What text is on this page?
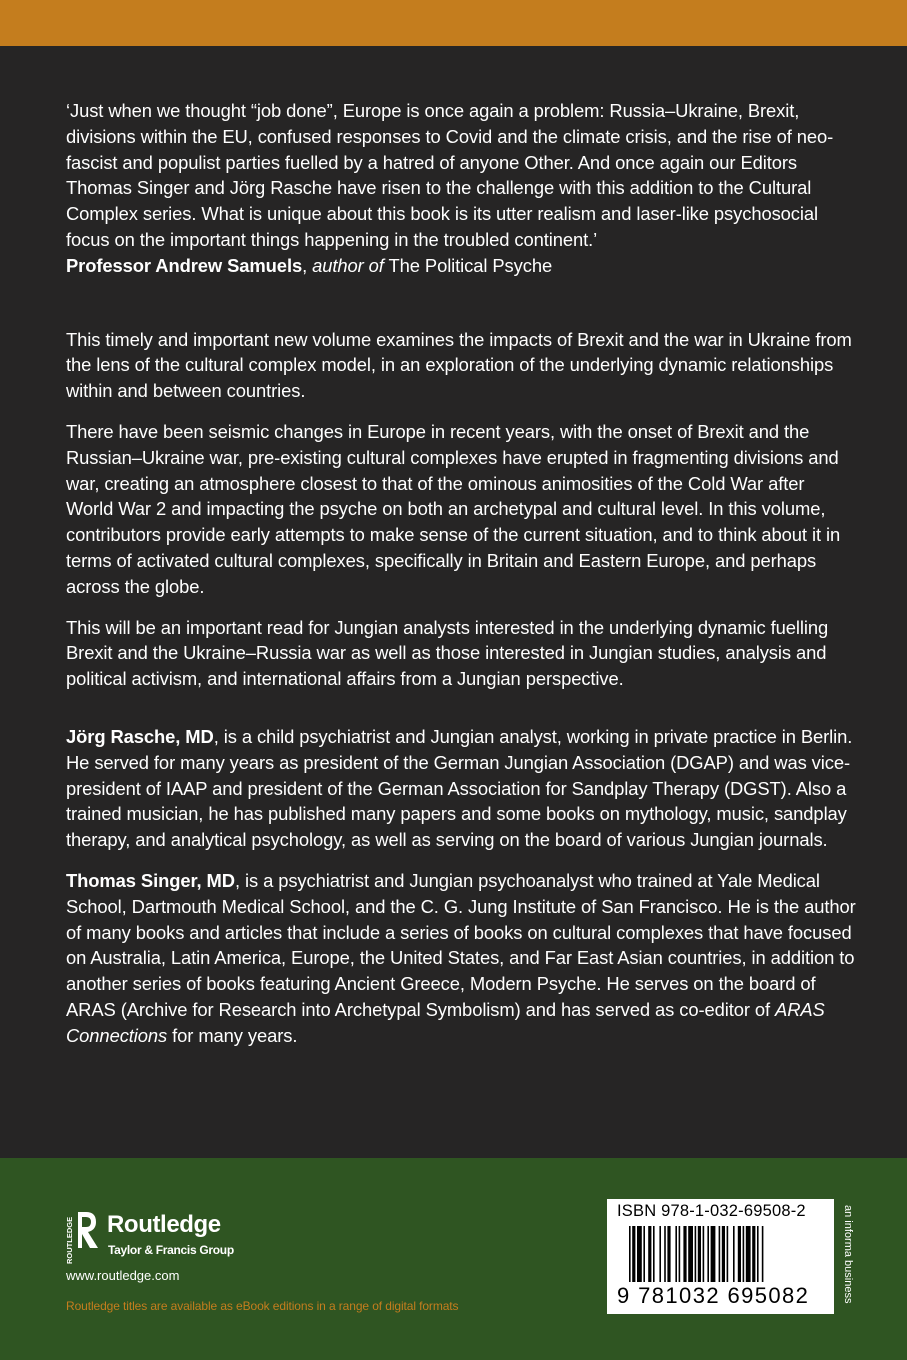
‘Just when we thought “job done”, Europe is once again a problem: Russia–Ukraine, Brexit, divisions within the EU, confused responses to Covid and the climate crisis, and the rise of neo-fascist and populist parties fuelled by a hatred of anyone Other. And once again our Editors Thomas Singer and Jörg Rasche have risen to the challenge with this addition to the Cultural Complex series. What is unique about this book is its utter realism and laser-like psychosocial focus on the important things happening in the troubled continent.’
Professor Andrew Samuels, author of The Political Psyche

This timely and important new volume examines the impacts of Brexit and the war in Ukraine from the lens of the cultural complex model, in an exploration of the underlying dynamic relationships within and between countries.

There have been seismic changes in Europe in recent years, with the onset of Brexit and the Russian–Ukraine war, pre-existing cultural complexes have erupted in fragmenting divisions and war, creating an atmosphere closest to that of the ominous animosities of the Cold War after World War 2 and impacting the psyche on both an archetypal and cultural level. In this volume, contributors provide early attempts to make sense of the current situation, and to think about it in terms of activated cultural complexes, specifically in Britain and Eastern Europe, and perhaps across the globe.

This will be an important read for Jungian analysts interested in the underlying dynamic fuelling Brexit and the Ukraine–Russia war as well as those interested in Jungian studies, analysis and political activism, and international affairs from a Jungian perspective.

Jörg Rasche, MD, is a child psychiatrist and Jungian analyst, working in private practice in Berlin. He served for many years as president of the German Jungian Association (DGAP) and was vice-president of IAAP and president of the German Association for Sandplay Therapy (DGST). Also a trained musician, he has published many papers and some books on mythology, music, sandplay therapy, and analytical psychology, as well as serving on the board of various Jungian journals.

Thomas Singer, MD, is a psychiatrist and Jungian psychoanalyst who trained at Yale Medical School, Dartmouth Medical School, and the C. G. Jung Institute of San Francisco. He is the author of many books and articles that include a series of books on cultural complexes that have focused on Australia, Latin America, Europe, the United States, and Far East Asian countries, in addition to another series of books featuring Ancient Greece, Modern Psyche. He serves on the board of ARAS (Archive for Research into Archetypal Symbolism) and has served as co-editor of ARAS Connections for many years.

ROUTLEDGE Routledge
Taylor & Francis Group
www.routledge.com
Routledge titles are available as eBook editions in a range of digital formats
ISBN 978-1-032-69508-2
9 781032 695082	an informa business
